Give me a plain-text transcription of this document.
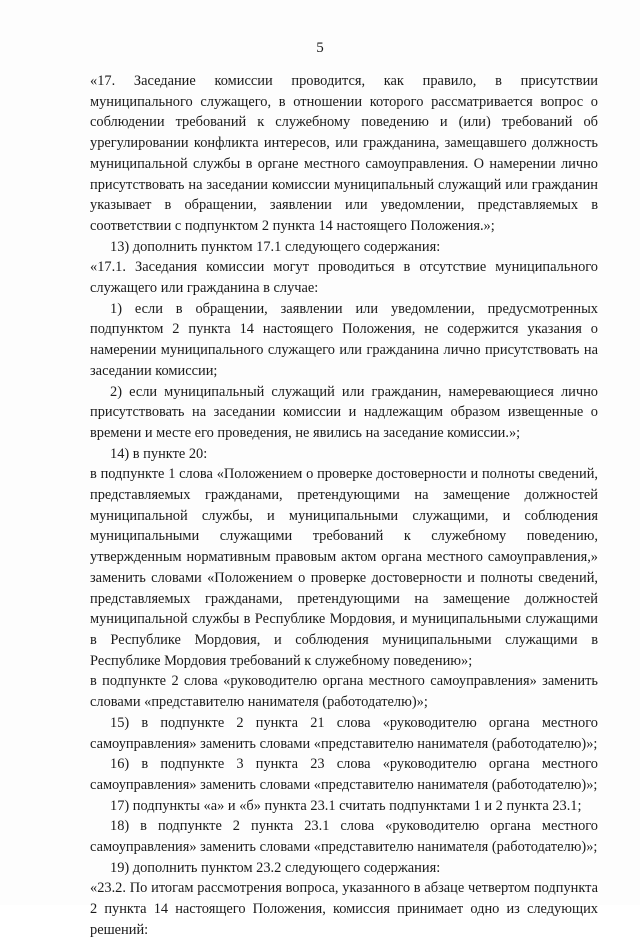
5

«17. Заседание комиссии проводится, как правило, в присутствии муниципального служащего, в отношении которого рассматривается вопрос о соблюдении требований к служебному поведению и (или) требований об урегулировании конфликта интересов, или гражданина, замещавшего должность муниципальной службы в органе местного самоуправления. О намерении лично присутствовать на заседании комиссии муниципальный служащий или гражданин указывает в обращении, заявлении или уведомлении, представляемых в соответствии с подпунктом 2 пункта 14 настоящего Положения.»;

13) дополнить пунктом 17.1 следующего содержания:

«17.1. Заседания комиссии могут проводиться в отсутствие муниципального служащего или гражданина в случае:

1) если в обращении, заявлении или уведомлении, предусмотренных подпунктом 2 пункта 14 настоящего Положения, не содержится указания о намерении муниципального служащего или гражданина лично присутствовать на заседании комиссии;

2) если муниципальный служащий или гражданин, намеревающиеся лично присутствовать на заседании комиссии и надлежащим образом извещенные о времени и месте его проведения, не явились на заседание комиссии.»;

14) в пункте 20:

в подпункте 1 слова «Положением о проверке достоверности и полноты сведений, представляемых гражданами, претендующими на замещение должностей муниципальной службы, и муниципальными служащими, и соблюдения муниципальными служащими требований к служебному поведению, утвержденным нормативным правовым актом органа местного самоуправления,» заменить словами «Положением о проверке достоверности и полноты сведений, представляемых гражданами, претендующими на замещение должностей муниципальной службы в Республике Мордовия, и муниципальными служащими в Республике Мордовия, и соблюдения муниципальными служащими в Республике Мордовия требований к служебному поведению»;

в подпункте 2 слова «руководителю органа местного самоуправления» заменить словами «представителю нанимателя (работодателю)»;

15) в подпункте 2 пункта 21 слова «руководителю органа местного самоуправления» заменить словами «представителю нанимателя (работодателю)»;

16) в подпункте 3 пункта 23 слова «руководителю органа местного самоуправления» заменить словами «представителю нанимателя (работодателю)»;

17) подпункты «а» и «б» пункта 23.1 считать подпунктами 1 и 2 пункта 23.1;

18) в подпункте 2 пункта 23.1 слова «руководителю органа местного самоуправления» заменить словами «представителю нанимателя (работодателю)»;

19) дополнить пунктом 23.2 следующего содержания:

«23.2. По итогам рассмотрения вопроса, указанного в абзаце четвертом подпункта 2 пункта 14 настоящего Положения, комиссия принимает одно из следующих решений:
